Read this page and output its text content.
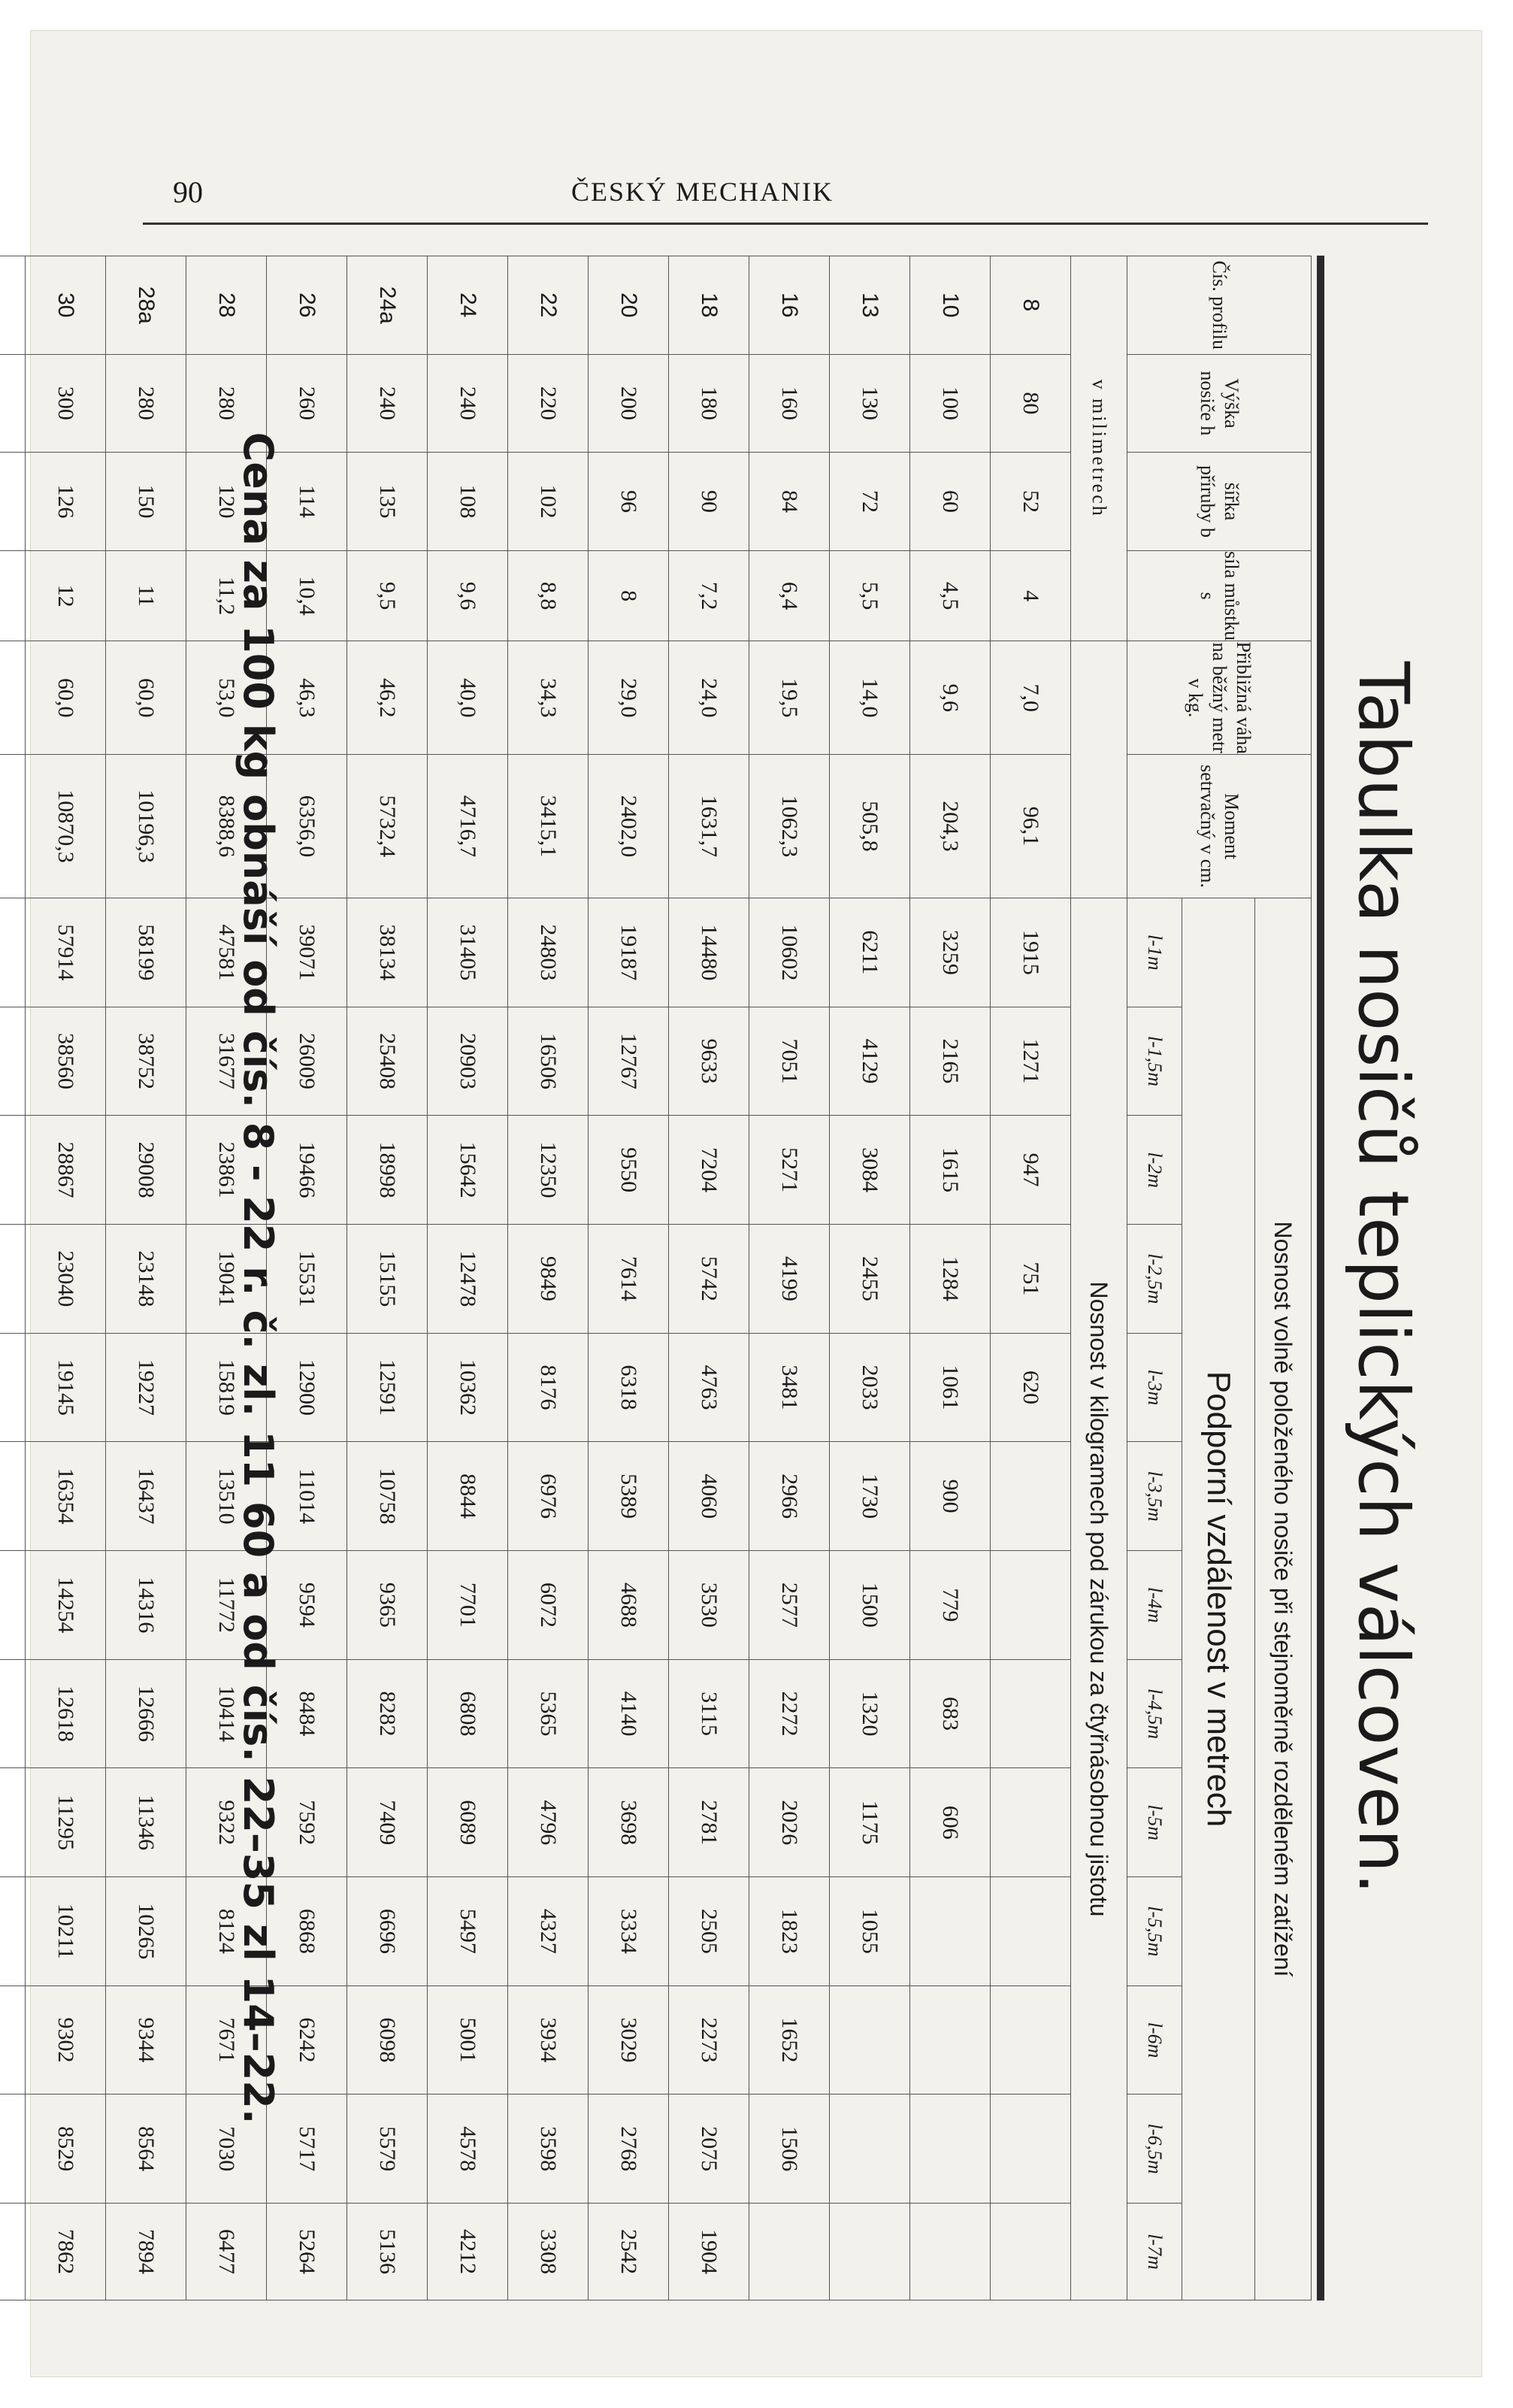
90	ČESKÝ MECHANIK
Tabulka nosičů teplických válcoven.
Čís. profilu	Výška nosiče h	šířka příruby b	síla můstku s	Přibližná váha na běžný metr v kg.	Moment setrvačný v cm.	Nosnost volně položeného nosiče při stejnoměrně rozděleném zatížení												
						Podporní vzdálenost v metrech												
						l-1m	l-1,5m	l-2m	l-2,5m	l-3m	l-3,5m	l-4m	l-4,5m	l-5m	l-5,5m	l-6m	l-6,5m	l-7m
v milimetrech						Nosnost v kilogramech pod zárukou za čtyřnásobnou jistotu												
8	80	52	4	7,0	96,1	1915	1271	947	751	620								
10	100	60	4,5	9,6	204,3	3259	2165	1615	1284	1061	900	779	683	606				
13	130	72	5,5	14,0	505,8	6211	4129	3084	2455	2033	1730	1500	1320	1175	1055			
16	160	84	6,4	19,5	1062,3	10602	7051	5271	4199	3481	2966	2577	2272	2026	1823	1652	1506	
18	180	90	7,2	24,0	1631,7	14480	9633	7204	5742	4763	4060	3530	3115	2781	2505	2273	2075	1904
20	200	96	8	29,0	2402,0	19187	12767	9550	7614	6318	5389	4688	4140	3698	3334	3029	2768	2542
22	220	102	8,8	34,3	3415,1	24803	16506	12350	9849	8176	6976	6072	5365	4796	4327	3934	3598	3308
24	240	108	9,6	40,0	4716,7	31405	20903	15642	12478	10362	8844	7701	6808	6089	5497	5001	4578	4212
24a	240	135	9,5	46,2	5732,4	38134	25408	18998	15155	12591	10758	9365	8282	7409	6696	6098	5579	5136
26	260	114	10,4	46,3	6356,0	39071	26009	19466	15531	12900	11014	9594	8484	7592	6868	6242	5717	5264
28	280	120	11,2	53,0	8388,6	47581	31677	23861	19041	15819	13510	11772	10414	9322	8124	7671	7030	6477
28a	280	150	11	60,0	10196,3	58199	38752	29008	23148	19227	16437	14316	12666	11346	10265	9344	8564	7894
30	300	126	12	60,0	10870,3	57914	38560	28867	23040	19145	16354	14254	12618	11295	10211	9302	8529	7862

Cena za 100 kg obnáší od čís. 8 - 22 r. č. zl. 11 60 a od čís. 22–35 zl 14–22.
